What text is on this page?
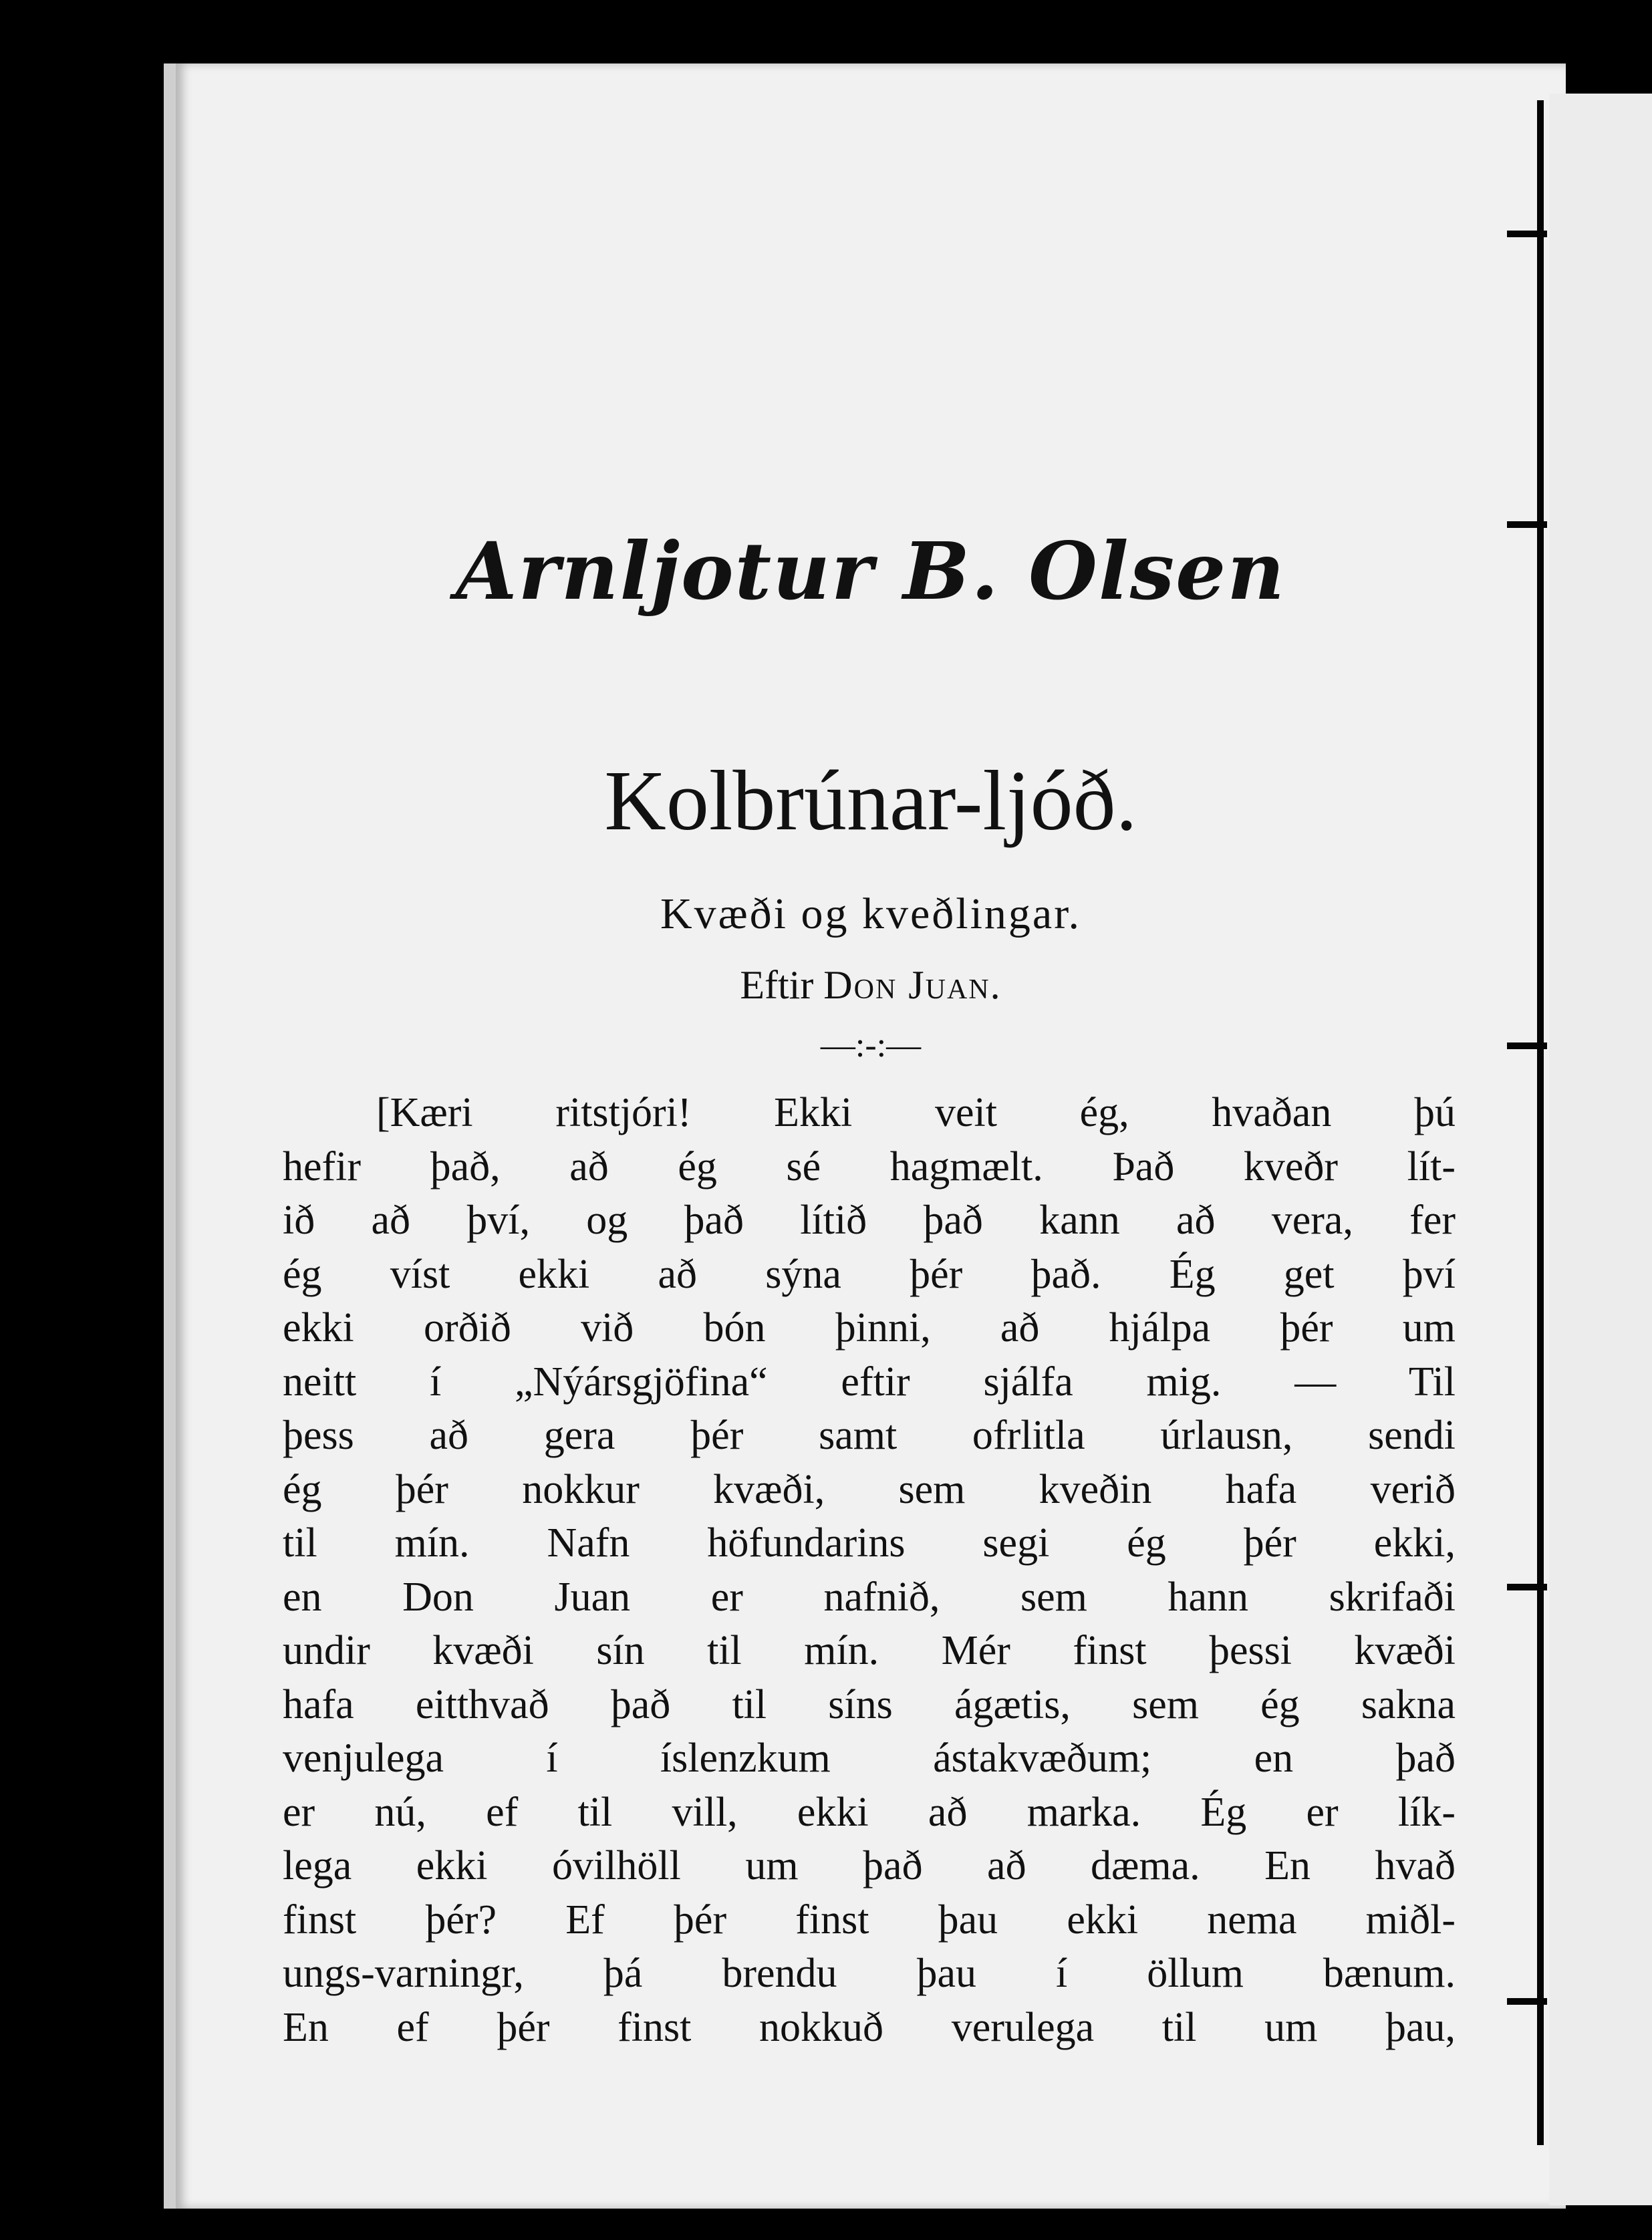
Arnljotur B. Olsen
Kolbrúnar-ljóð.
Kvæði og kveðlingar.
Eftir Don Juan.
—:-:—
[Kæri ritstjóri! Ekki veit ég, hvaðan þú
hefir það, að ég sé hagmælt. Það kveðr lít-
ið að því, og það lítið það kann að vera, fer
ég víst ekki að sýna þér það. Ég get því
ekki orðið við bón þinni, að hjálpa þér um
neitt í „Nýársgjöfina“ eftir sjálfa mig. — Til
þess að gera þér samt ofrlitla úrlausn, sendi
ég þér nokkur kvæði, sem kveðin hafa verið
til mín. Nafn höfundarins segi ég þér ekki,
en Don Juan er nafnið, sem hann skrifaði
undir kvæði sín til mín. Mér finst þessi kvæði
hafa eitthvað það til síns ágætis, sem ég sakna
venjulega í íslenzkum ástakvæðum; en það
er nú, ef til vill, ekki að marka. Ég er lík-
lega ekki óvilhöll um það að dæma. En hvað
finst þér? Ef þér finst þau ekki nema miðl-
ungs-varningr, þá brendu þau í öllum bænum.
En ef þér finst nokkuð verulega til um þau,
